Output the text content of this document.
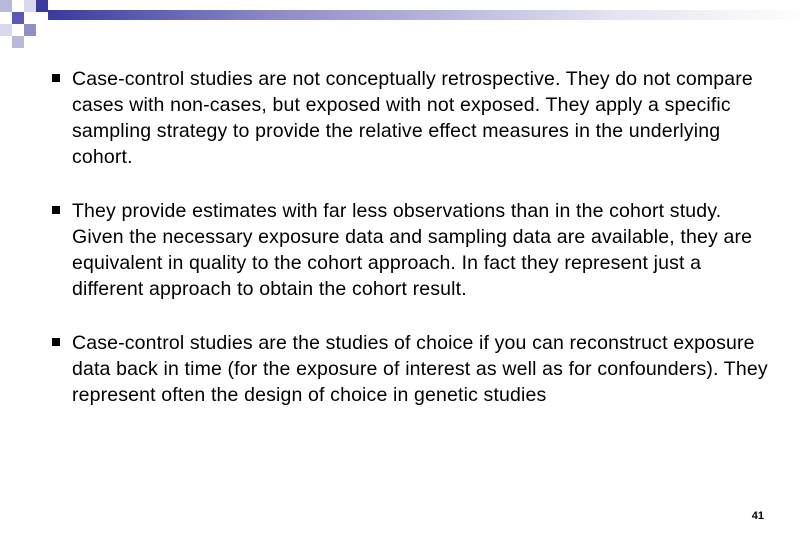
Case-control studies are not conceptually retrospective. They do not compare cases with non-cases, but exposed with not exposed. They apply a specific sampling strategy to provide the relative effect measures in the underlying cohort.
They provide estimates with far less observations than in the cohort study. Given the necessary exposure data and sampling data are available, they are equivalent in quality to the cohort approach. In fact they represent just a different approach to obtain the cohort result.
Case-control studies are the studies of choice if you can reconstruct exposure data back in time (for the exposure of interest as well as for confounders). They represent often the design of choice in genetic studies
41
